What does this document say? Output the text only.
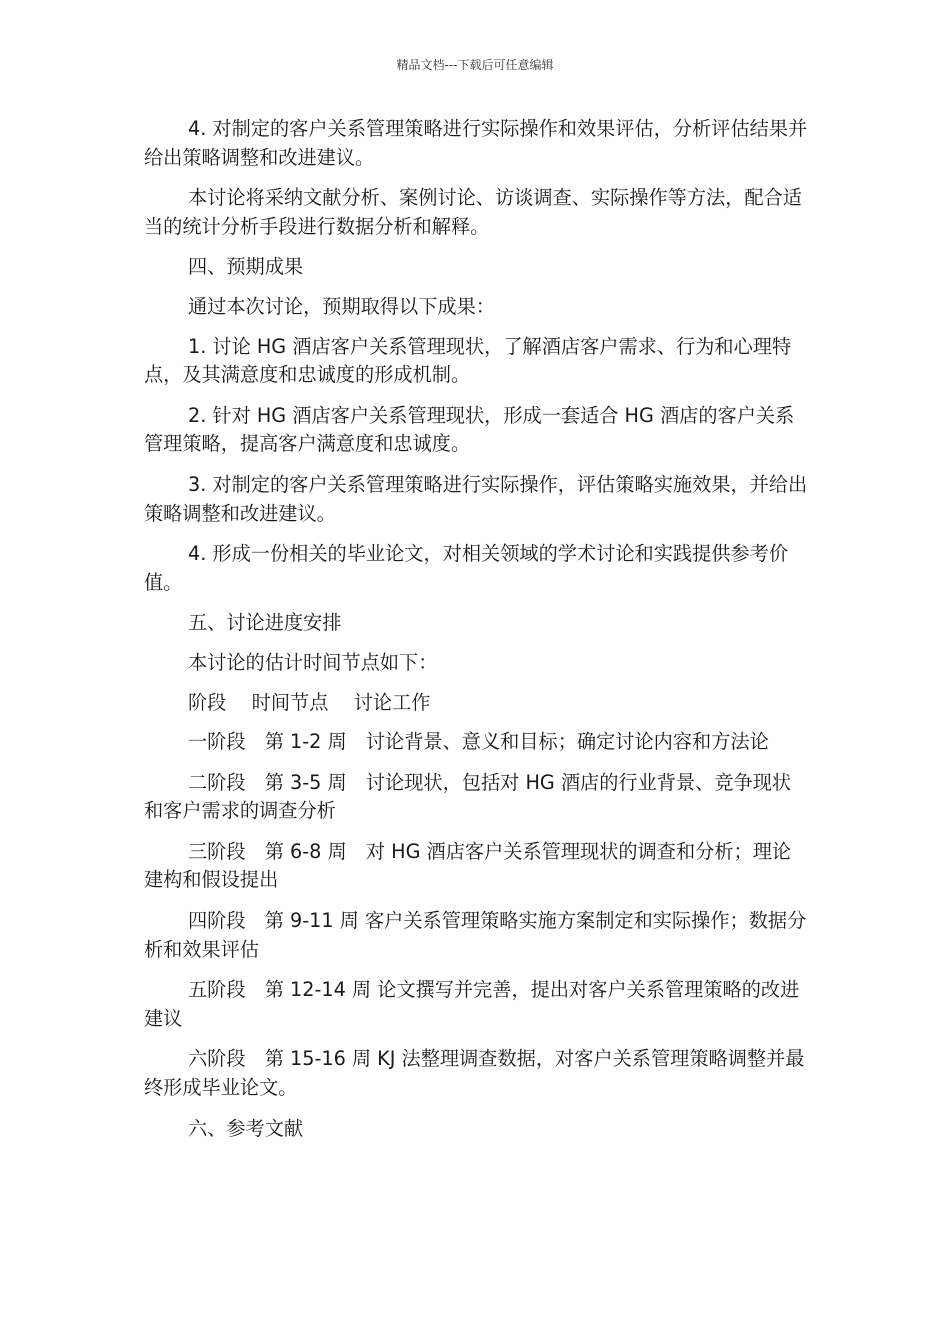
精品文档---下载后可任意编辑

4. 对制定的客户关系管理策略进行实际操作和效果评估，分析评估结果并给出策略调整和改进建议。

本讨论将采纳文献分析、案例讨论、访谈调查、实际操作等方法，配合适当的统计分析手段进行数据分析和解释。

四、预期成果

通过本次讨论，预期取得以下成果：

1. 讨论 HG 酒店客户关系管理现状，了解酒店客户需求、行为和心理特点，及其满意度和忠诚度的形成机制。

2. 针对 HG 酒店客户关系管理现状，形成一套适合 HG 酒店的客户关系管理策略，提高客户满意度和忠诚度。

3. 对制定的客户关系管理策略进行实际操作，评估策略实施效果，并给出策略调整和改进建议。

4. 形成一份相关的毕业论文，对相关领域的学术讨论和实践提供参考价值。

五、讨论进度安排

本讨论的估计时间节点如下：

阶段　 时间节点　 讨论工作

一阶段　第 1-2 周　讨论背景、意义和目标；确定讨论内容和方法论

二阶段　第 3-5 周　讨论现状，包括对 HG 酒店的行业背景、竞争现状和客户需求的调查分析

三阶段　第 6-8 周　对 HG 酒店客户关系管理现状的调查和分析；理论建构和假设提出

四阶段　第 9-11 周 客户关系管理策略实施方案制定和实际操作；数据分析和效果评估

五阶段　第 12-14 周 论文撰写并完善，提出对客户关系管理策略的改进建议

六阶段　第 15-16 周 KJ 法整理调查数据，对客户关系管理策略调整并最终形成毕业论文。

六、参考文献
